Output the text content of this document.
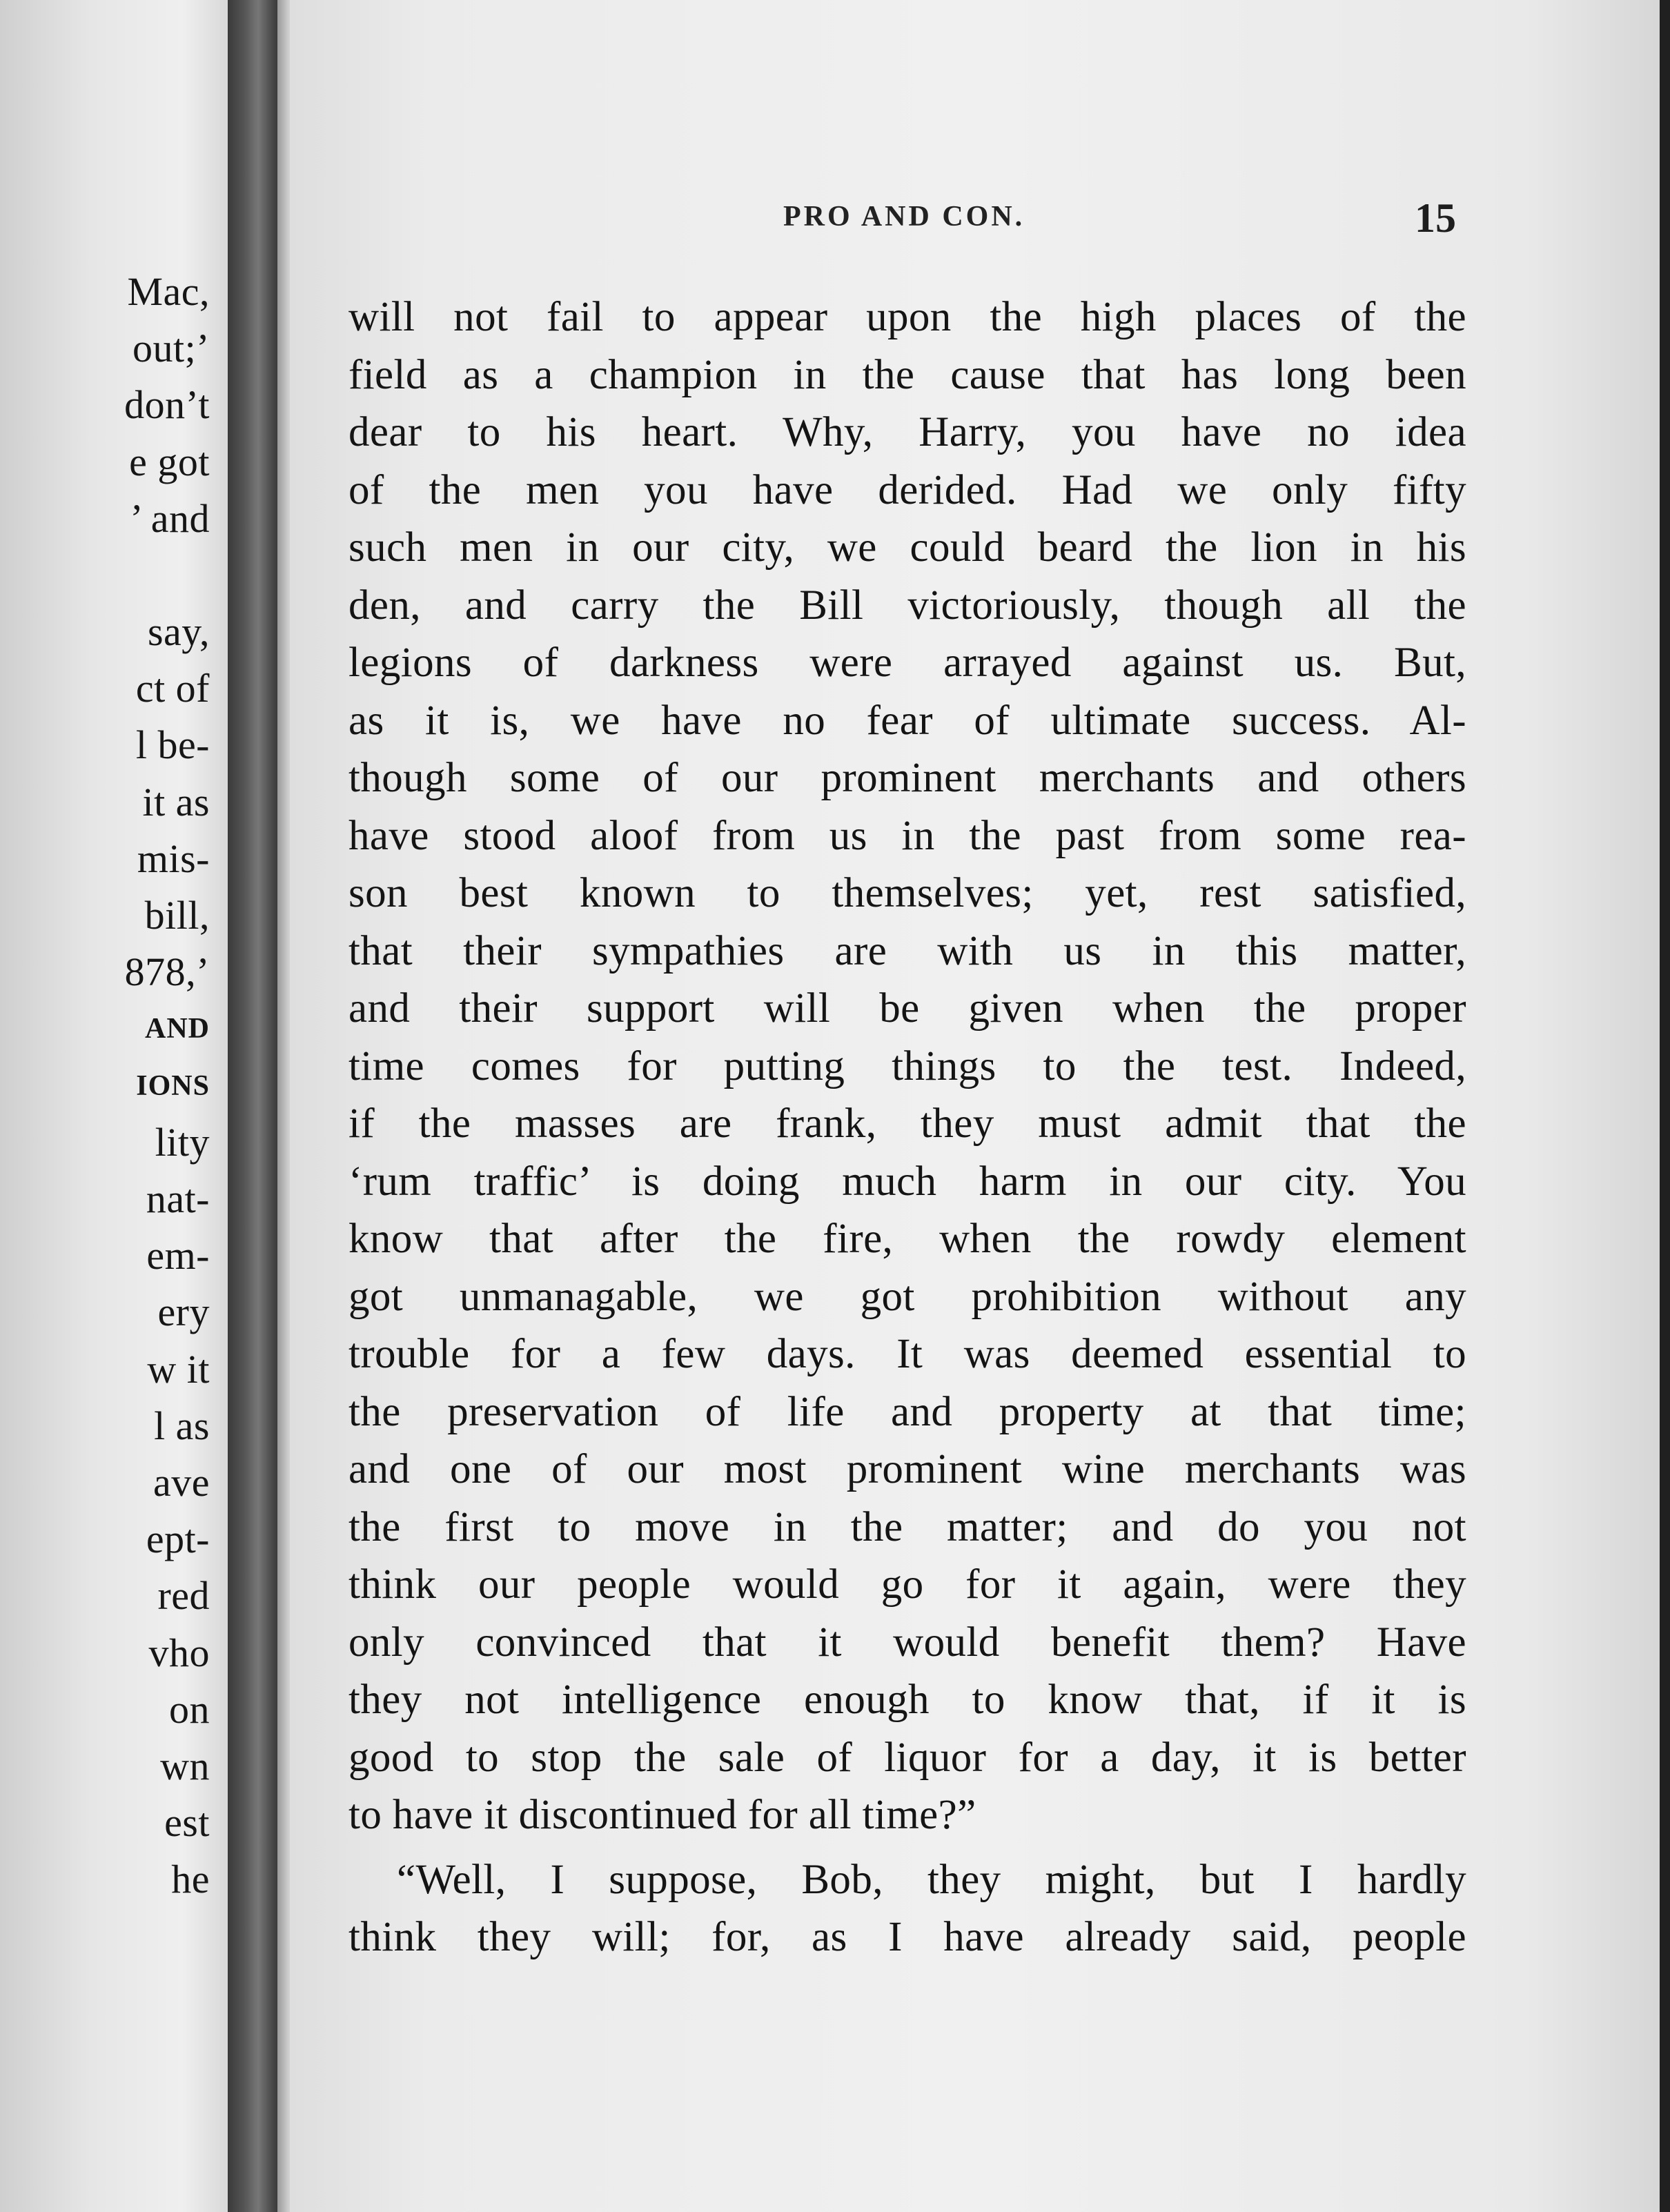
Mac,
out;’
don’t
e got
’ and
say,
ct of
l be-
it as
mis-
bill,
878,’
AND
IONS
lity
nat-
em-
ery
w it
l as
ave
ept-
red
vho
on
wn
est
he
PRO AND CON.	15
will not fail to appear upon the high places of the
field as a champion in the cause that has long been
dear to his heart. Why, Harry, you have no idea
of the men you have derided. Had we only fifty
such men in our city, we could beard the lion in his
den, and carry the Bill victoriously, though all the
legions of darkness were arrayed against us. But,
as it is, we have no fear of ultimate success. Al-
though some of our prominent merchants and others
have stood aloof from us in the past from some rea-
son best known to themselves; yet, rest satisfied,
that their sympathies are with us in this matter,
and their support will be given when the proper
time comes for putting things to the test. Indeed,
if the masses are frank, they must admit that the
‘rum traffic’ is doing much harm in our city. You
know that after the fire, when the rowdy element
got unmanagable, we got prohibition without any
trouble for a few days. It was deemed essential to
the preservation of life and property at that time;
and one of our most prominent wine merchants was
the first to move in the matter; and do you not
think our people would go for it again, were they
only convinced that it would benefit them? Have
they not intelligence enough to know that, if it is
good to stop the sale of liquor for a day, it is better
to have it discontinued for all time?”
“Well, I suppose, Bob, they might, but I hardly
think they will; for, as I have already said, people
